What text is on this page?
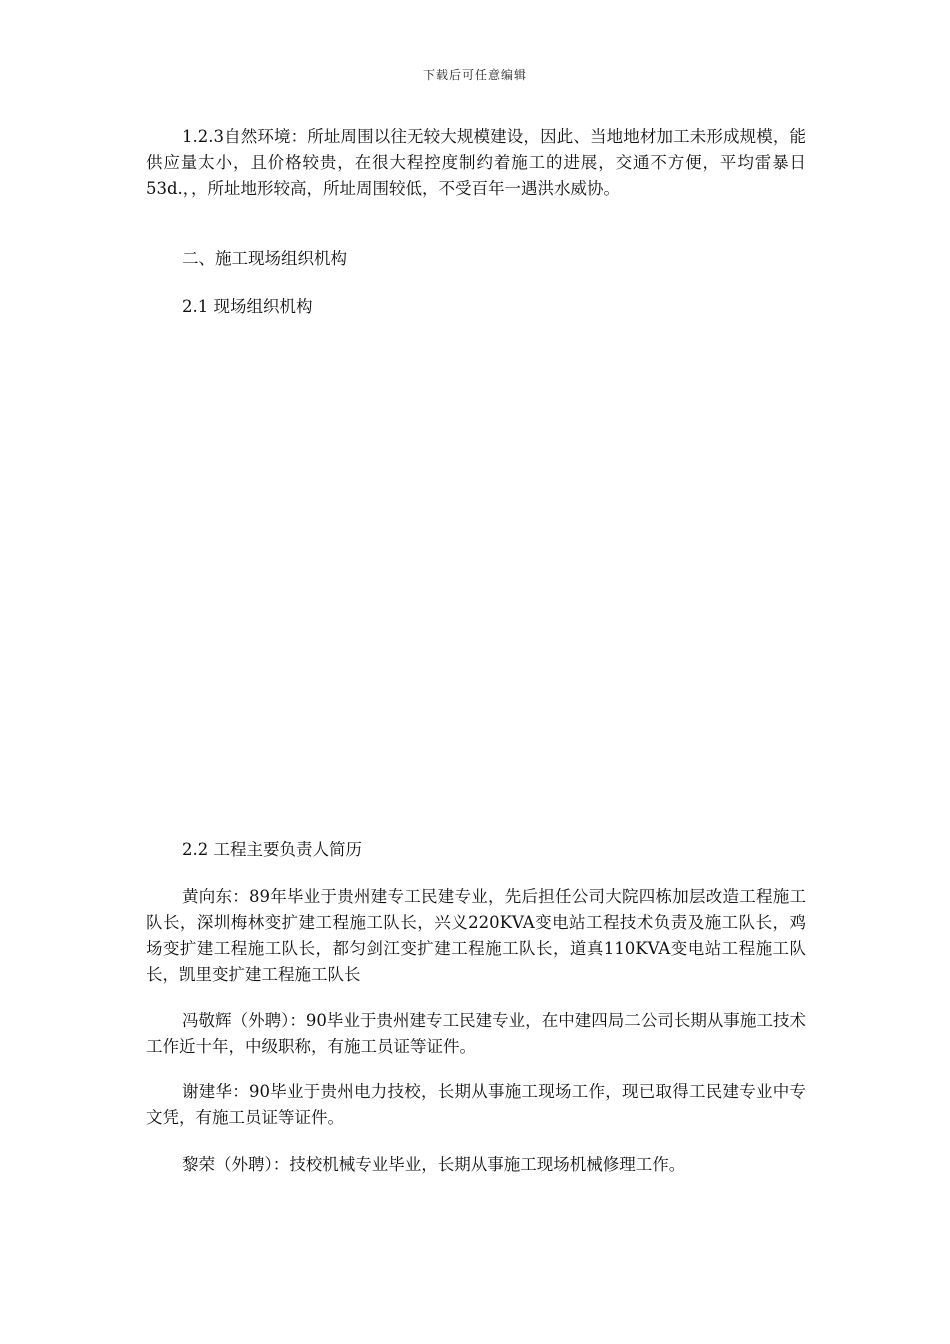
下载后可任意编辑

1.2.3自然环境：所址周围以往无较大规模建设，因此、当地地材加工未形成规模，能供应量太小，且价格较贵，在很大程控度制约着施工的进展，交通不方便，平均雷暴日53d.，，所址地形较高，所址周围较低，不受百年一遇洪水威协。

二、施工现场组织机构

2.1 现场组织机构

2.2 工程主要负责人简历

黄向东：89年毕业于贵州建专工民建专业，先后担任公司大院四栋加层改造工程施工队长，深圳梅林变扩建工程施工队长，兴义220KVA变电站工程技术负责及施工队长，鸡场变扩建工程施工队长，都匀剑江变扩建工程施工队长，道真110KVA变电站工程施工队长，凯里变扩建工程施工队长

冯敬辉（外聘）：90毕业于贵州建专工民建专业，在中建四局二公司长期从事施工技术工作近十年，中级职称，有施工员证等证件。

谢建华：90毕业于贵州电力技校，长期从事施工现场工作，现已取得工民建专业中专文凭，有施工员证等证件。

黎荣（外聘）：技校机械专业毕业，长期从事施工现场机械修理工作。
